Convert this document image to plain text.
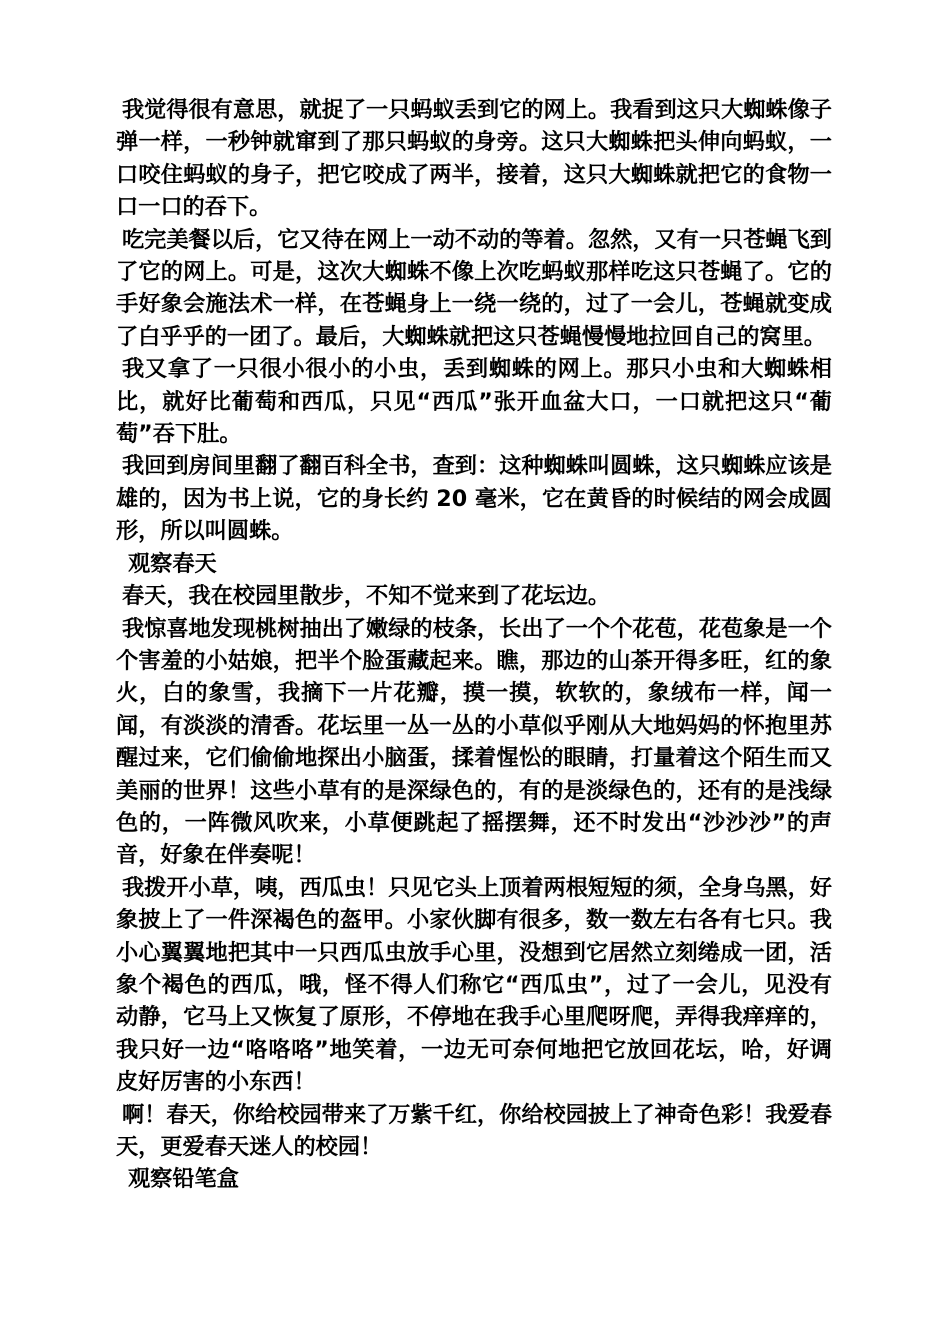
我觉得很有意思，就捉了一只蚂蚁丢到它的网上。我看到这只大蜘蛛像子弹一样，一秒钟就窜到了那只蚂蚁的身旁。这只大蜘蛛把头伸向蚂蚁，一口咬住蚂蚁的身子，把它咬成了两半，接着，这只大蜘蛛就把它的食物一口一口的吞下。

吃完美餐以后，它又待在网上一动不动的等着。忽然，又有一只苍蝇飞到了它的网上。可是，这次大蜘蛛不像上次吃蚂蚁那样吃这只苍蝇了。它的手好象会施法术一样，在苍蝇身上一绕一绕的，过了一会儿，苍蝇就变成了白乎乎的一团了。最后，大蜘蛛就把这只苍蝇慢慢地拉回自己的窝里。

我又拿了一只很小很小的小虫，丢到蜘蛛的网上。那只小虫和大蜘蛛相比，就好比葡萄和西瓜，只见“西瓜”张开血盆大口，一口就把这只“葡萄”吞下肚。

我回到房间里翻了翻百科全书，查到：这种蜘蛛叫圆蛛，这只蜘蛛应该是雄的，因为书上说，它的身长约 20 毫米，它在黄昏的时候结的网会成圆形，所以叫圆蛛。

观察春天

春天，我在校园里散步，不知不觉来到了花坛边。

我惊喜地发现桃树抽出了嫩绿的枝条，长出了一个个花苞，花苞象是一个个害羞的小姑娘，把半个脸蛋藏起来。瞧，那边的山茶开得多旺，红的象火，白的象雪，我摘下一片花瓣，摸一摸，软软的，象绒布一样，闻一闻，有淡淡的清香。花坛里一丛一丛的小草似乎刚从大地妈妈的怀抱里苏醒过来，它们偷偷地探出小脑蛋，揉着惺忪的眼睛，打量着这个陌生而又美丽的世界！这些小草有的是深绿色的，有的是淡绿色的，还有的是浅绿色的，一阵微风吹来，小草便跳起了摇摆舞，还不时发出“沙沙沙”的声音，好象在伴奏呢！

我拨开小草，咦，西瓜虫！只见它头上顶着两根短短的须，全身乌黑，好象披上了一件深褐色的盔甲。小家伙脚有很多，数一数左右各有七只。我小心翼翼地把其中一只西瓜虫放手心里，没想到它居然立刻绻成一团，活象个褐色的西瓜，哦，怪不得人们称它“西瓜虫”，过了一会儿，见没有动静，它马上又恢复了原形，不停地在我手心里爬呀爬，弄得我痒痒的，我只好一边“咯咯咯”地笑着，一边无可奈何地把它放回花坛，哈，好调皮好厉害的小东西！

啊！春天，你给校园带来了万紫千红，你给校园披上了神奇色彩！我爱春天，更爱春天迷人的校园！

观察铅笔盒
